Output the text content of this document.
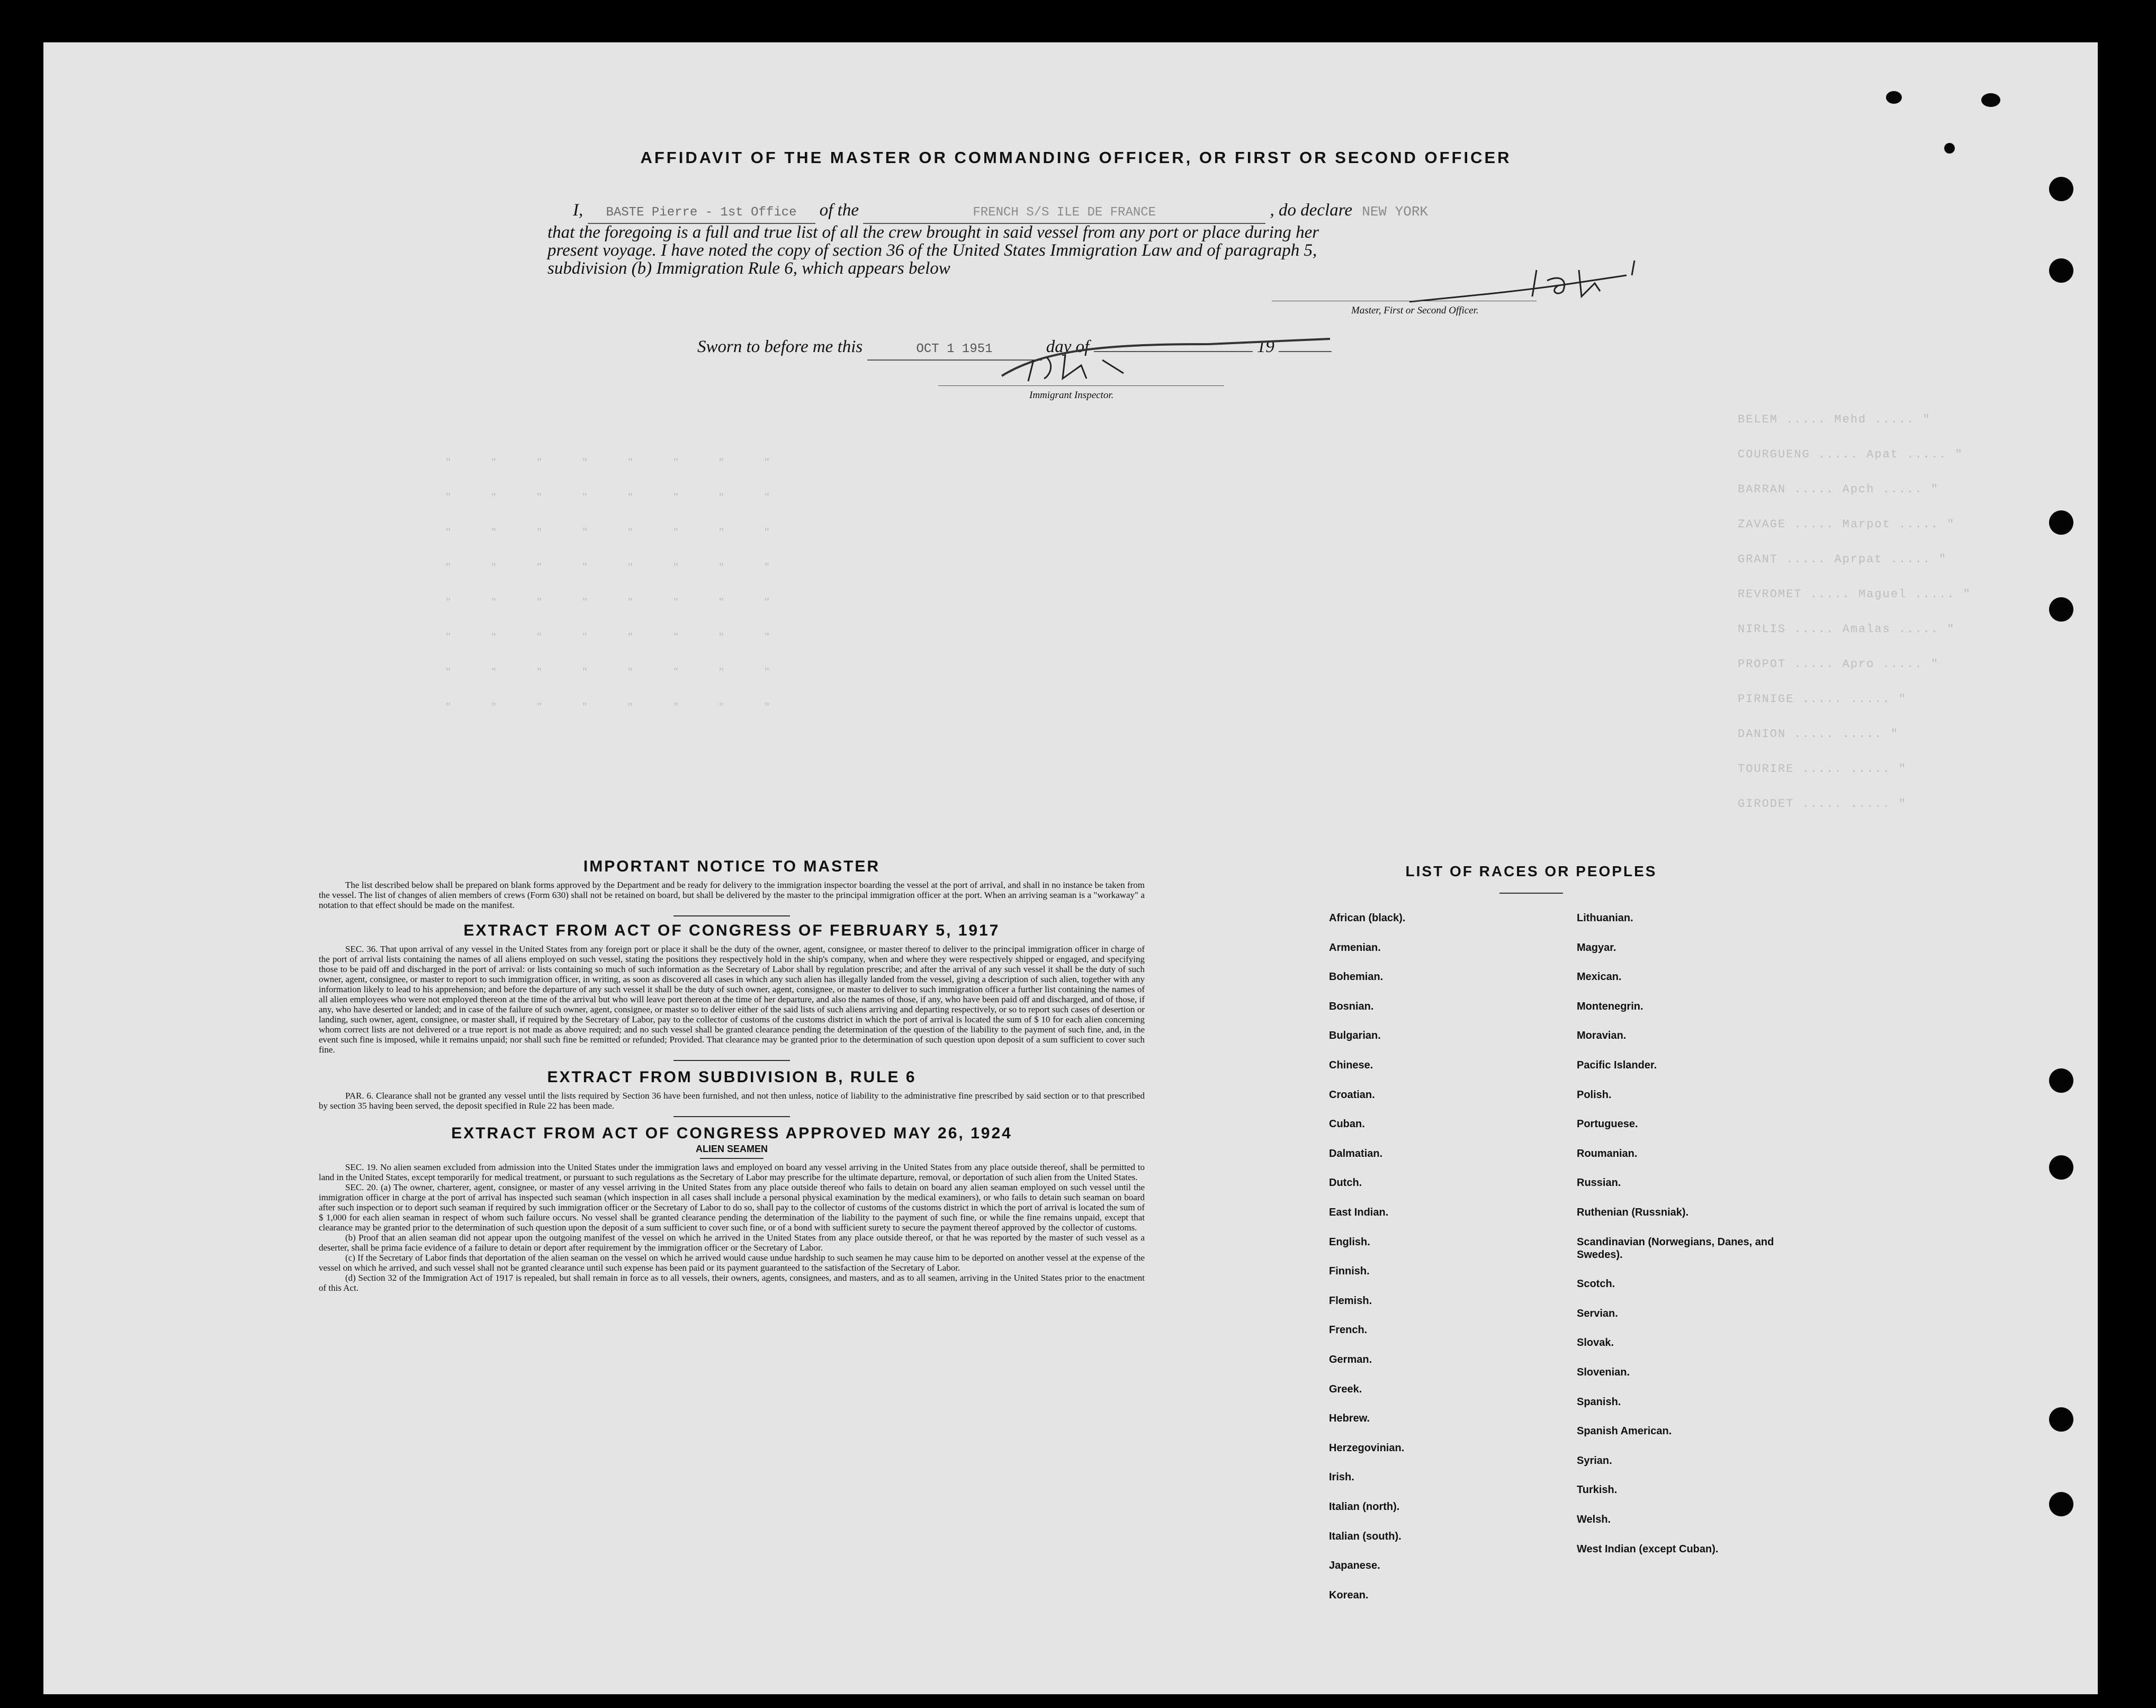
BELEM ..... Mehd ..... "
COURGUENG ..... Apat ..... "
BARRAN ..... Apch ..... "
ZAVAGE ..... Marpot ..... "
GRANT ..... Aprpat ..... "
REVROMET ..... Maguel ..... "
NIRLIS ..... Amalas ..... "
PROPOT ..... Apro ..... "
PIRNIGE ..... ..... "
DANION ..... ..... "
TOURIRE ..... ..... "
GIRODET ..... ..... "
"          "          "          "          "          "          "          "
"          "          "          "          "          "          "          "
"          "          "          "          "          "          "          "
"          "          "          "          "          "          "          "
"          "          "          "          "          "          "          "
"          "          "          "          "          "          "          "
"          "          "          "          "          "          "          "
"          "          "          "          "          "          "          "
AFFIDAVIT OF THE MASTER OR COMMANDING OFFICER, OR FIRST OR SECOND OFFICER
I, BASTE Pierre - 1st Office of the	FRENCH S/S ILE DE FRANCE	, do declare NEW YORK
that the foregoing is a full and true list of all the crew brought in said vessel from any port or place during her
present voyage. I have noted the copy of section 36 of the United States Immigration Law and of paragraph 5,
subdivision (b) Immigration Rule 6, which appears below
Master, First or Second Officer.
Sworn to before me this	OCT 1 1951	day of	19
Immigrant Inspector.
IMPORTANT NOTICE TO MASTER
The list described below shall be prepared on blank forms approved by the Department and be ready for delivery to the immigration inspector boarding the vessel at the port of arrival, and shall in no instance be taken from the vessel. The list of changes of alien members of crews (Form 630) shall not be retained on board, but shall be delivered by the master to the principal immigration officer at the port. When an arriving seaman is a "workaway" a notation to that effect should be made on the manifest.
EXTRACT FROM ACT OF CONGRESS OF FEBRUARY 5, 1917
SEC. 36. That upon arrival of any vessel in the United States from any foreign port or place it shall be the duty of the owner, agent, consignee, or master thereof to deliver to the principal immigration officer in charge of the port of arrival lists containing the names of all aliens employed on such vessel, stating the positions they respectively hold in the ship's company, when and where they were respectively shipped or engaged, and specifying those to be paid off and discharged in the port of arrival: or lists containing so much of such information as the Secretary of Labor shall by regulation prescribe; and after the arrival of any such vessel it shall be the duty of such owner, agent, consignee, or master to report to such immigration officer, in writing, as soon as discovered all cases in which any such alien has illegally landed from the vessel, giving a description of such alien, together with any information likely to lead to his apprehension; and before the departure of any such vessel it shall be the duty of such owner, agent, consignee, or master to deliver to such immigration officer a further list containing the names of all alien employees who were not employed thereon at the time of the arrival but who will leave port thereon at the time of her departure, and also the names of those, if any, who have been paid off and discharged, and of those, if any, who have deserted or landed; and in case of the failure of such owner, agent, consignee, or master so to deliver either of the said lists of such aliens arriving and departing respectively, or so to report such cases of desertion or landing, such owner, agent, consignee, or master shall, if required by the Secretary of Labor, pay to the collector of customs of the customs district in which the port of arrival is located the sum of $ 10 for each alien concerning whom correct lists are not delivered or a true report is not made as above required; and no such vessel shall be granted clearance pending the determination of the question of the liability to the payment of such fine, and, in the event such fine is imposed, while it remains unpaid; nor shall such fine be remitted or refunded; Provided. That clearance may be granted prior to the determination of such question upon deposit of a sum sufficient to cover such fine.
EXTRACT FROM SUBDIVISION B, RULE 6
PAR. 6. Clearance shall not be granted any vessel until the lists required by Section 36 have been furnished, and not then unless, notice of liability to the administrative fine prescribed by said section or to that prescribed by section 35 having been served, the deposit specified in Rule 22 has been made.
EXTRACT FROM ACT OF CONGRESS APPROVED MAY 26, 1924
ALIEN SEAMEN
SEC. 19. No alien seamen excluded from admission into the United States under the immigration laws and employed on board any vessel arriving in the United States from any place outside thereof, shall be permitted to land in the United States, except temporarily for medical treatment, or pursuant to such regulations as the Secretary of Labor may prescribe for the ultimate departure, removal, or deportation of such alien from the United States.
SEC. 20. (a) The owner, charterer, agent, consignee, or master of any vessel arriving in the United States from any place outside thereof who fails to detain on board any alien seaman employed on such vessel until the immigration officer in charge at the port of arrival has inspected such seaman (which inspection in all cases shall include a personal physical examination by the medical examiners), or who fails to detain such seaman on board after such inspection or to deport such seaman if required by such immigration officer or the Secretary of Labor to do so, shall pay to the collector of customs of the customs district in which the port of arrival is located the sum of $ 1,000 for each alien seaman in respect of whom such failure occurs. No vessel shall be granted clearance pending the determination of the liability to the payment of such fine, or while the fine remains unpaid, except that clearance may be granted prior to the determination of such question upon the deposit of a sum sufficient to cover such fine, or of a bond with sufficient surety to secure the payment thereof approved by the collector of customs.
(b) Proof that an alien seaman did not appear upon the outgoing manifest of the vessel on which he arrived in the United States from any place outside thereof, or that he was reported by the master of such vessel as a deserter, shall be prima facie evidence of a failure to detain or deport after requirement by the immigration officer or the Secretary of Labor.
(c) If the Secretary of Labor finds that deportation of the alien seaman on the vessel on which he arrived would cause undue hardship to such seamen he may cause him to be deported on another vessel at the expense of the vessel on which he arrived, and such vessel shall not be granted clearance until such expense has been paid or its payment guaranteed to the satisfaction of the Secretary of Labor.
(d) Section 32 of the Immigration Act of 1917 is repealed, but shall remain in force as to all vessels, their owners, agents, consignees, and masters, and as to all seamen, arriving in the United States prior to the enactment of this Act.
LIST OF RACES OR PEOPLES
African (black).
Armenian.
Bohemian.
Bosnian.
Bulgarian.
Chinese.
Croatian.
Cuban.
Dalmatian.
Dutch.
East Indian.
English.
Finnish.
Flemish.
French.
German.
Greek.
Hebrew.
Herzegovinian.
Irish.
Italian (north).
Italian (south).
Japanese.
Korean.
Lithuanian.
Magyar.
Mexican.
Montenegrin.
Moravian.
Pacific Islander.
Polish.
Portuguese.
Roumanian.
Russian.
Ruthenian (Russniak).
Scandinavian (Norwegians, Danes, and Swedes).
Scotch.
Servian.
Slovak.
Slovenian.
Spanish.
Spanish American.
Syrian.
Turkish.
Welsh.
West Indian (except Cuban).
